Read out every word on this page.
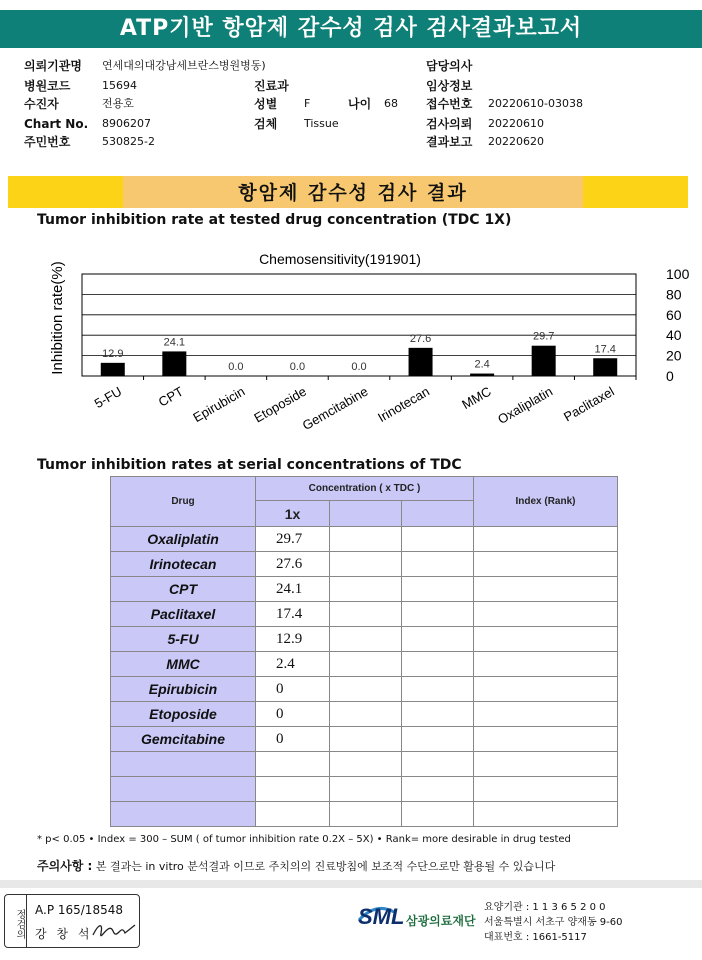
ATP기반 항암제 감수성 검사 검사결과보고서
의뢰기관명 연세대의대강남세브란스병원병동)	담당의사
병원코드	15694	진료과	임상정보
수진자	전용호	성별 F	나이 68 접수번호 20220610-03038
Chart No. 8906207	검체 Tissue	검사의뢰 20220610
주민번호	530825-2	결과보고 20220620
항암제 감수성 검사 결과
Tumor inhibition rate at tested drug concentration (TDC 1X)
Chemosensitivity(191901)
12.9
24.1
0.0	0.0	0.0
27.6
2.4
29.7
17.4
100
80
60
40
20
0
5-FU CPT Epirubicin Etoposide
Gemcitabine Irinotecan MMC Oxaliplatin Paclitaxel
Inhibition rate(%)
Tumor inhibition rates at serial concentrations of TDC
Drug	Concentration ( x TDC )			Index (Rank)
	1x			
Oxaliplatin	29.7			
Irinotecan	27.6			
CPT	24.1			
Paclitaxel	17.4			
5-FU	12.9			
MMC	2.4			
Epirubicin	0			
Etoposide	0			
Gemcitabine	0			

* p< 0.05 • Index = 300 – SUM ( of tumor inhibition rate 0.2X – 5X) • Rank= more desirable in drug tested
주의사항 : 본 결과는 in vitro 분석결과 이므로 주치의의 진료방침에 보조적 수단으로만 활용될 수 있습니다
정검의 A.P 165/18548
강 창 석
SML 삼광의료재단
요양기관 : 1 1 3 6 5 2 0 0
서울특별시 서초구 양재동 9-60
대표번호 : 1661-5117
